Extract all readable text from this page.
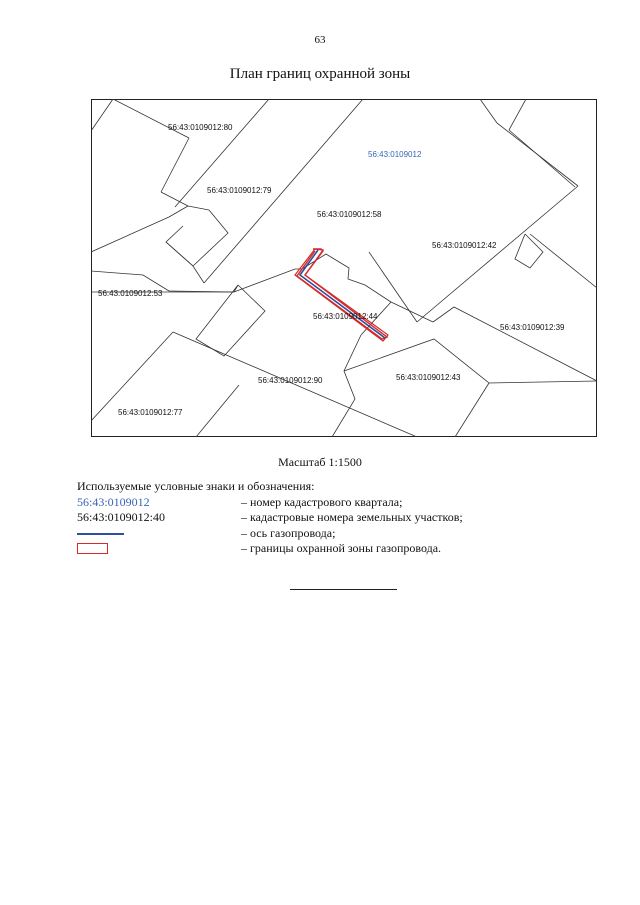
63
План границ охранной зоны
56:43:0109012
56:43:0109012:80
56:43:0109012:79
56:43:0109012:58
56:43:0109012:42
56:43:0109012:53
56:43:0109012:44
56:43:0109012:39
56:43:0109012:90	56:43:0109012:43
56:43:0109012:77
Масштаб 1:1500
Используемые условные знаки и обозначения:
56:43:0109012	– номер кадастрового квартала;
56:43:0109012:40	– кадастровые номера земельных участков;
– ось газопровода;
– границы охранной зоны газопровода.
